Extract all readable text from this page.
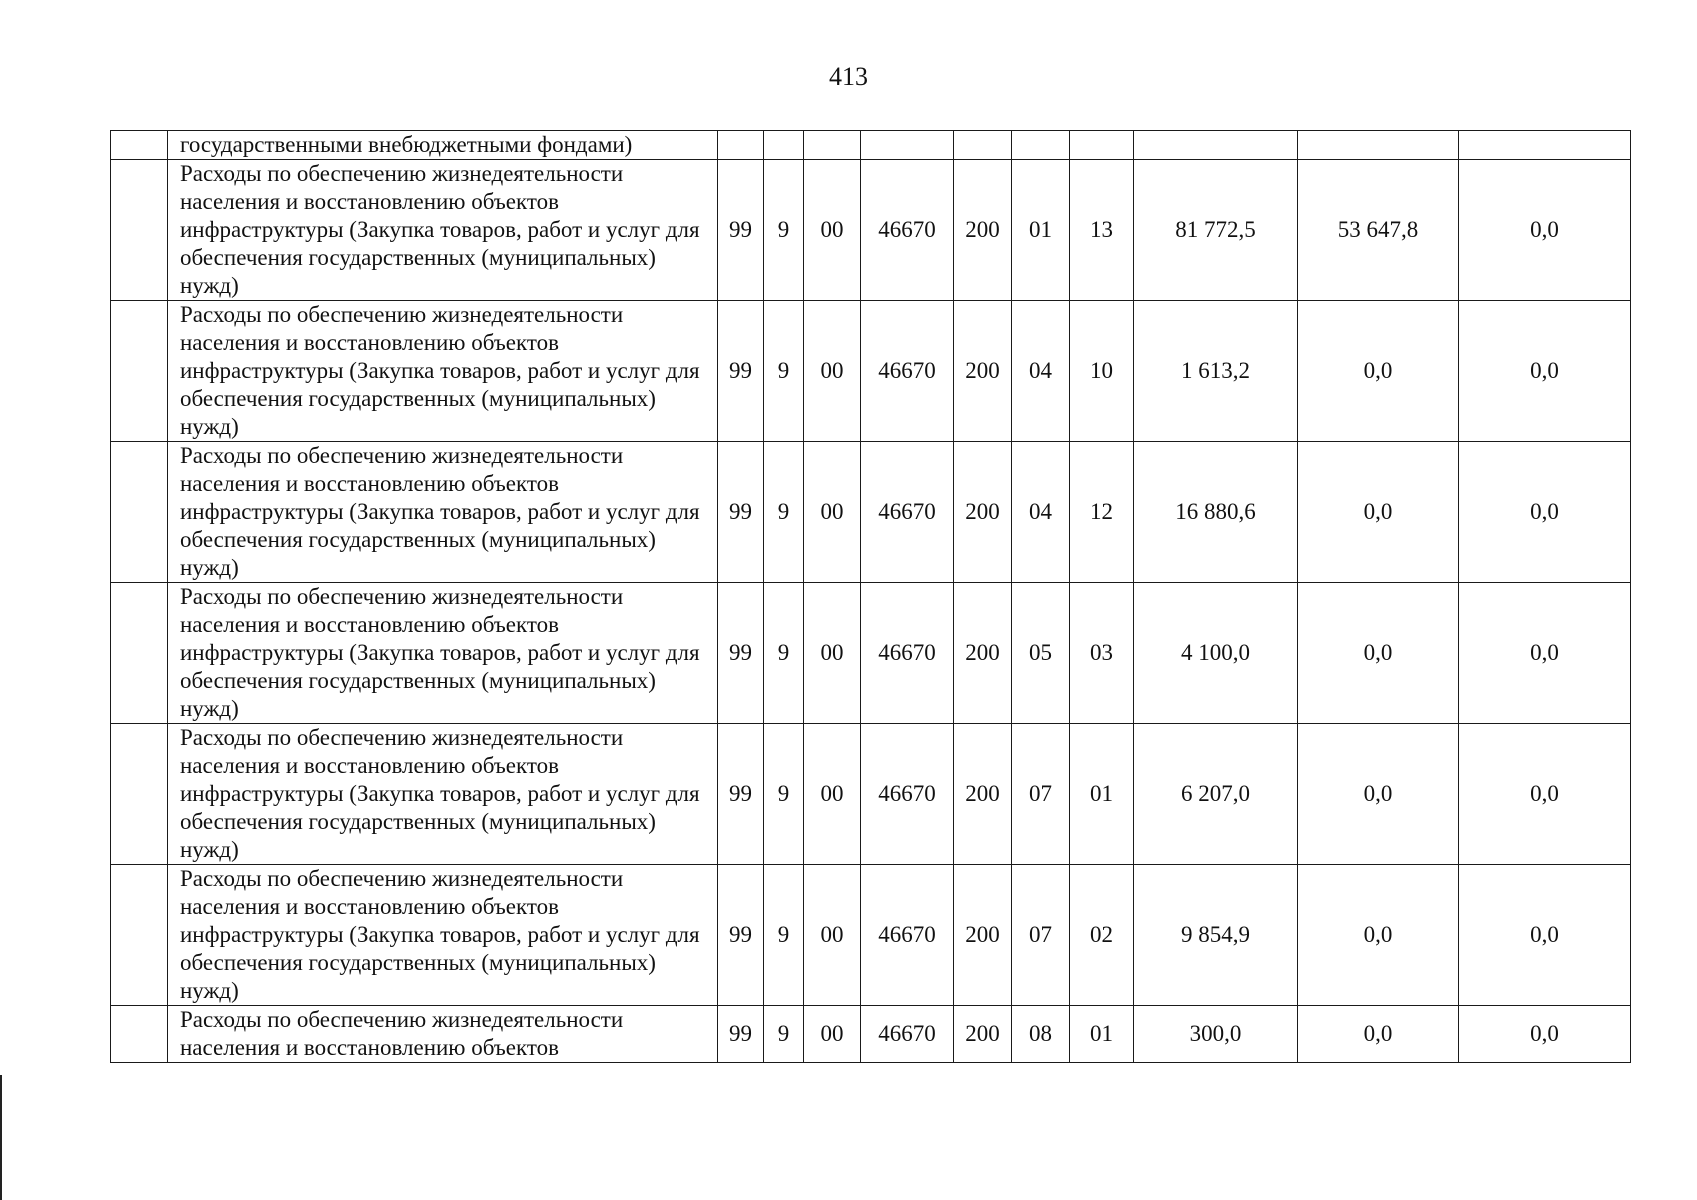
413
	государственными внебюджетными фондами)										
	Расходы по обеспечению жизнедеятельности населения и восстановлению объектов инфраструктуры (Закупка товаров, работ и услуг для обеспечения государственных (муниципальных) нужд)	99	9	00	46670	200	01	13	81 772,5	53 647,8	0,0
	Расходы по обеспечению жизнедеятельности населения и восстановлению объектов инфраструктуры (Закупка товаров, работ и услуг для обеспечения государственных (муниципальных) нужд)	99	9	00	46670	200	04	10	1 613,2	0,0	0,0
	Расходы по обеспечению жизнедеятельности населения и восстановлению объектов инфраструктуры (Закупка товаров, работ и услуг для обеспечения государственных (муниципальных) нужд)	99	9	00	46670	200	04	12	16 880,6	0,0	0,0
	Расходы по обеспечению жизнедеятельности населения и восстановлению объектов инфраструктуры (Закупка товаров, работ и услуг для обеспечения государственных (муниципальных) нужд)	99	9	00	46670	200	05	03	4 100,0	0,0	0,0
	Расходы по обеспечению жизнедеятельности населения и восстановлению объектов инфраструктуры (Закупка товаров, работ и услуг для обеспечения государственных (муниципальных) нужд)	99	9	00	46670	200	07	01	6 207,0	0,0	0,0
	Расходы по обеспечению жизнедеятельности населения и восстановлению объектов инфраструктуры (Закупка товаров, работ и услуг для обеспечения государственных (муниципальных) нужд)	99	9	00	46670	200	07	02	9 854,9	0,0	0,0
	Расходы по обеспечению жизнедеятельности населения и восстановлению объектов	99	9	00	46670	200	08	01	300,0	0,0	0,0
